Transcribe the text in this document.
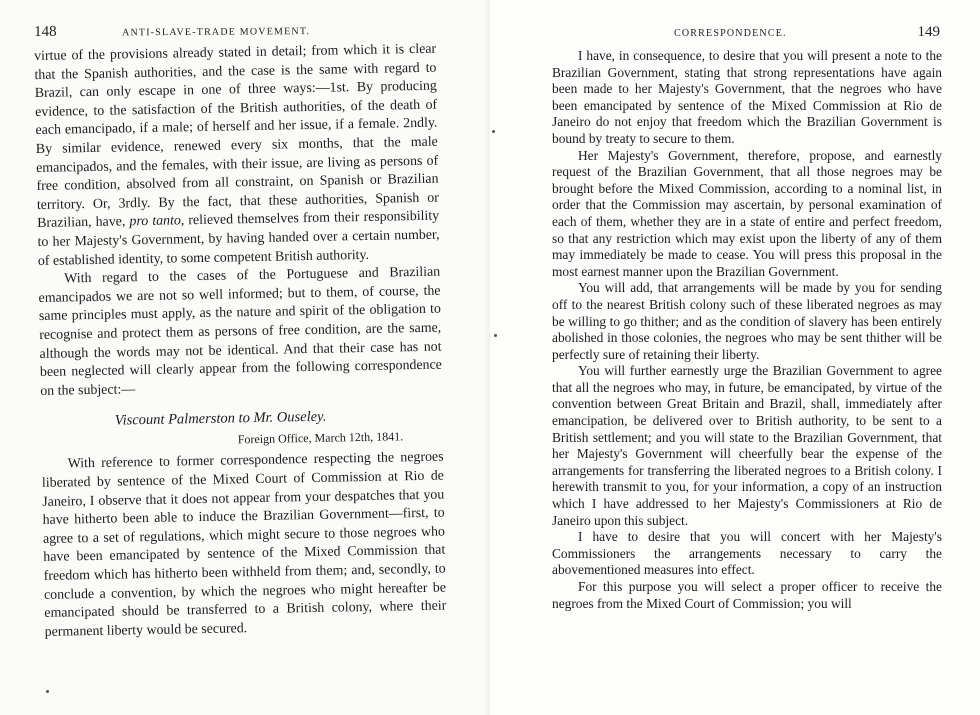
148	ANTI-SLAVE-TRADE MOVEMENT.

virtue of the provisions already stated in detail; from which it is clear that the Spanish authorities, and the case is the same with regard to Brazil, can only escape in one of three ways:—1st. By producing evidence, to the satisfaction of the British authorities, of the death of each emancipado, if a male; of herself and her issue, if a female. 2ndly. By similar evidence, renewed every six months, that the male emancipados, and the females, with their issue, are living as persons of free condition, absolved from all constraint, on Spanish or Brazilian territory. Or, 3rdly. By the fact, that these authorities, Spanish or Brazilian, have, pro tanto, relieved themselves from their responsibility to her Majesty's Government, by having handed over a certain number, of established identity, to some competent British authority.

With regard to the cases of the Portuguese and Brazilian emancipados we are not so well informed; but to them, of course, the same principles must apply, as the nature and spirit of the obligation to recognise and protect them as persons of free condition, are the same, although the words may not be identical. And that their case has not been neglected will clearly appear from the following correspondence on the subject:—

Viscount Palmerston to Mr. Ouseley.

Foreign Office, March 12th, 1841.

With reference to former correspondence respecting the negroes liberated by sentence of the Mixed Court of Commission at Rio de Janeiro, I observe that it does not appear from your despatches that you have hitherto been able to induce the Brazilian Government—first, to agree to a set of regulations, which might secure to those negroes who have been emancipated by sentence of the Mixed Commission that freedom which has hitherto been withheld from them; and, secondly, to conclude a convention, by which the negroes who might hereafter be emancipated should be transferred to a British colony, where their permanent liberty would be secured.

CORRESPONDENCE.	149

I have, in consequence, to desire that you will present a note to the Brazilian Government, stating that strong representations have again been made to her Majesty's Government, that the negroes who have been emancipated by sentence of the Mixed Commission at Rio de Janeiro do not enjoy that freedom which the Brazilian Government is bound by treaty to secure to them.

Her Majesty's Government, therefore, propose, and earnestly request of the Brazilian Government, that all those negroes may be brought before the Mixed Commission, according to a nominal list, in order that the Commission may ascertain, by personal examination of each of them, whether they are in a state of entire and perfect freedom, so that any restriction which may exist upon the liberty of any of them may immediately be made to cease. You will press this proposal in the most earnest manner upon the Brazilian Government.

You will add, that arrangements will be made by you for sending off to the nearest British colony such of these liberated negroes as may be willing to go thither; and as the condition of slavery has been entirely abolished in those colonies, the negroes who may be sent thither will be perfectly sure of retaining their liberty.

You will further earnestly urge the Brazilian Government to agree that all the negroes who may, in future, be emancipated, by virtue of the convention between Great Britain and Brazil, shall, immediately after emancipation, be delivered over to British authority, to be sent to a British settlement; and you will state to the Brazilian Government, that her Majesty's Government will cheerfully bear the expense of the arrangements for transferring the liberated negroes to a British colony. I herewith transmit to you, for your information, a copy of an instruction which I have addressed to her Majesty's Commissioners at Rio de Janeiro upon this subject.

I have to desire that you will concert with her Majesty's Commissioners the arrangements necessary to carry the abovementioned measures into effect.

For this purpose you will select a proper officer to receive the negroes from the Mixed Court of Commission; you will
